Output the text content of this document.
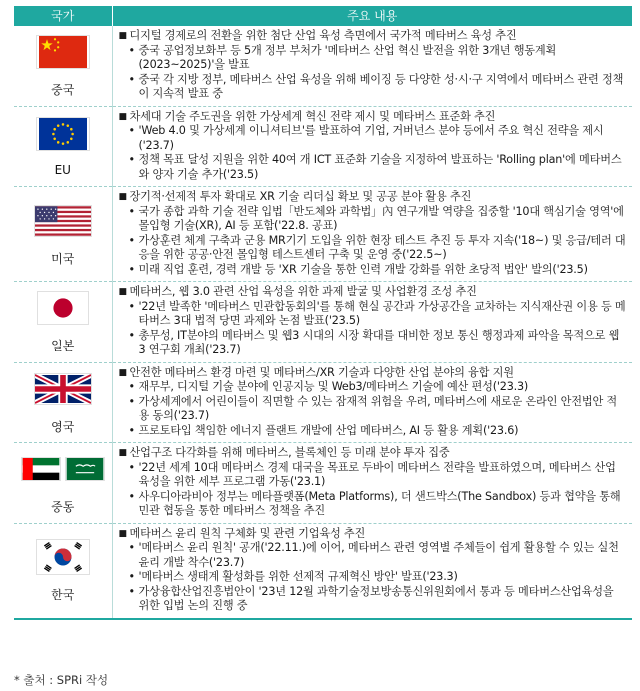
국가	주요 내용

중국	■ 디지털 경제로의 전환을 위한 첨단 산업 육성 측면에서 국가적 메타버스 육성 추진
• 중국 공업정보화부 등 5개 정부 부처가 '메타버스 산업 혁신 발전을 위한 3개년 행동계획(2023~2025)'을 발표
• 중국 각 지방 정부, 메타버스 산업 육성을 위해 베이징 등 다양한 성·시·구 지역에서 메타버스 관련 정책이 지속적 발표 중

EU	■ 차세대 기술 주도권을 위한 가상세계 혁신 전략 제시 및 메타버스 표준화 추진
• 'Web 4.0 및 가상세계 이니셔티브'를 발표하여 기업, 거버넌스 분야 등에서 주요 혁신 전략을 제시('23.7)
• 정책 목표 달성 지원을 위한 40여 개 ICT 표준화 기술을 지정하여 발표하는 'Rolling plan'에 메타버스와 양자 기술 추가('23.5)

미국	■ 장기적·선제적 투자 확대로 XR 기술 리더십 확보 및 공공 분야 활용 추진
• 국가 종합 과학 기술 전략 입법「반도체와 과학법」內 연구개발 역량을 집중할 '10대 핵심기술 영역'에 몰입형 기술(XR), AI 등 포함('22.8. 공표)
• 가상훈련 체계 구축과 군용 MR기기 도입을 위한 현장 테스트 추진 등 투자 지속('18~) 및 응급/테러 대응을 위한 공공·안전 몰입형 테스트센터 구축 및 운영 중('22.5~)
• 미래 직업 훈련, 경력 개발 등 'XR 기술을 통한 인력 개발 강화를 위한 초당적 법안' 발의('23.5)

일본	■ 메타버스, 웹 3.0 관련 산업 육성을 위한 과제 발굴 및 사업환경 조성 추진
• '22년 발족한 '메타버스 민관합동회의'를 통해 현실 공간과 가상공간을 교차하는 지식재산권 이용 등 메타버스 3대 법적 당면 과제와 논점 발표('23.5)
• 총무성, IT분야의 메타버스 및 웹3 시대의 시장 확대를 대비한 정보 통신 행정과제 파악을 목적으로 웹3 연구회 개최('23.7)

영국	■ 안전한 메타버스 환경 마련 및 메타버스/XR 기술과 다양한 산업 분야의 융합 지원
• 재무부, 디지털 기술 분야에 인공지능 및 Web3/메타버스 기술에 예산 편성('23.3)
• 가상세계에서 어린이들이 직면할 수 있는 잠재적 위험을 우려, 메타버스에 새로운 온라인 안전법안 적용 동의('23.7)
• 프로토타입 책임한 에너지 플랜트 개발에 산업 메타버스, AI 등 활용 계획('23.6)

중동	■ 산업구조 다각화를 위해 메타버스, 블록체인 등 미래 분야 투자 집중
• '22년 세계 10대 메타버스 경제 대국을 목표로 두바이 메타버스 전략을 발표하였으며, 메타버스 산업 육성을 위한 세부 프로그램 가동('23.1)
• 사우디아라비아 정부는 메타플랫폼(Meta Platforms), 더 샌드박스(The Sandbox) 등과 협약을 통해 민관 협동을 통한 메타버스 정책을 추진

한국	■ 메타버스 윤리 원칙 구체화 및 관련 기업육성 추진
• '메타버스 윤리 원칙' 공개('22.11.)에 이어, 메타버스 관련 영역별 주체들이 쉽게 활용할 수 있는 실천윤리 개발 착수('23.7)
• '메타버스 생태계 활성화를 위한 선제적 규제혁신 방안' 발표('23.3)
• 가상융합산업진흥법안이 '23년 12월 과학기술정보방송통신위원회에서 통과 등 메타버스산업육성을 위한 입법 논의 진행 중
* 출처 : SPRi 작성
